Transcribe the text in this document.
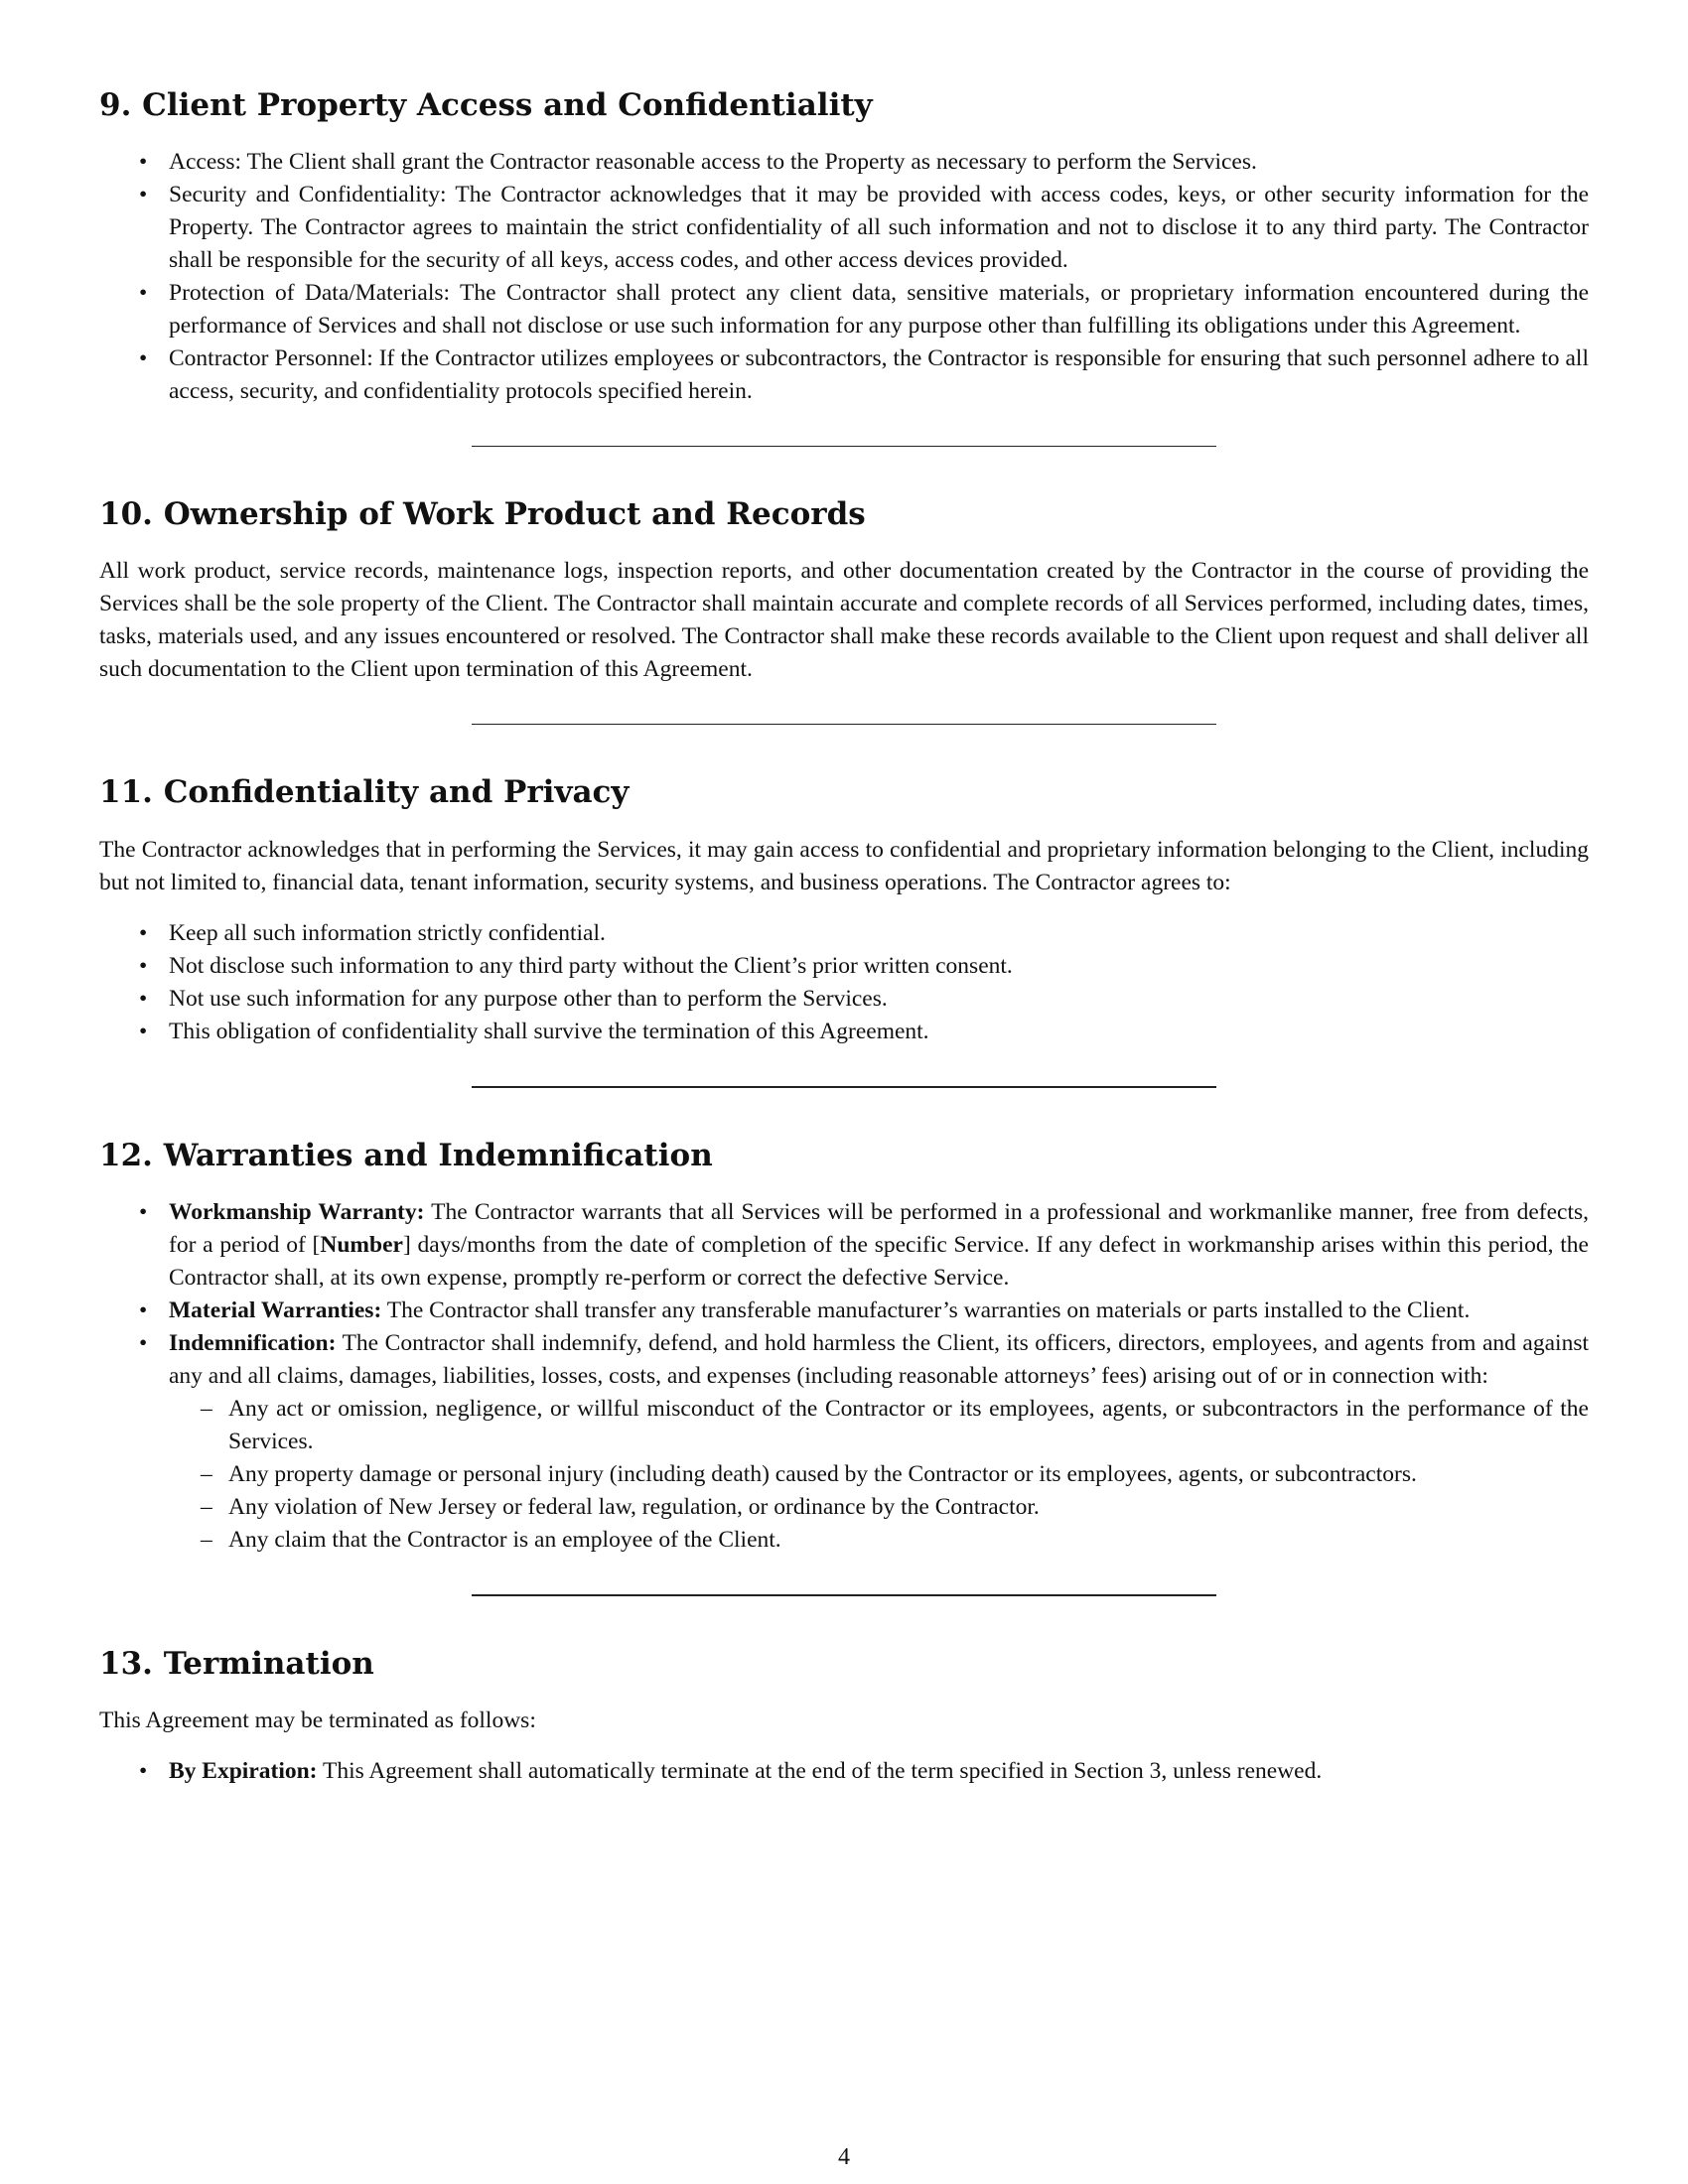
9. Client Property Access and Confidentiality
• Access: The Client shall grant the Contractor reasonable access to the Property as necessary to perform the Services.
• Security and Confidentiality: The Contractor acknowledges that it may be provided with access codes, keys, or other security information for the Property. The Contractor agrees to maintain the strict confidentiality of all such information and not to disclose it to any third party. The Contractor shall be responsible for the security of all keys, access codes, and other access devices provided.
• Protection of Data/Materials: The Contractor shall protect any client data, sensitive materials, or proprietary information encountered during the performance of Services and shall not disclose or use such information for any purpose other than fulfilling its obligations under this Agreement.
• Contractor Personnel: If the Contractor utilizes employees or subcontractors, the Contractor is responsible for ensuring that such personnel adhere to all access, security, and confidentiality protocols specified herein.
10. Ownership of Work Product and Records

All work product, service records, maintenance logs, inspection reports, and other documentation created by the Contractor in the course of providing the Services shall be the sole property of the Client. The Contractor shall maintain accurate and complete records of all Services performed, including dates, times, tasks, materials used, and any issues encountered or resolved. The Contractor shall make these records available to the Client upon request and shall deliver all such documentation to the Client upon termination of this Agreement.

11. Confidentiality and Privacy

The Contractor acknowledges that in performing the Services, it may gain access to confidential and proprietary information belonging to the Client, including but not limited to, financial data, tenant information, security systems, and business operations. The Contractor agrees to:

• Keep all such information strictly confidential.
• Not disclose such information to any third party without the Client’s prior written consent.
• Not use such information for any purpose other than to perform the Services.
• This obligation of confidentiality shall survive the termination of this Agreement.
12. Warranties and Indemnification
• Workmanship Warranty: The Contractor warrants that all Services will be performed in a professional and workmanlike manner, free from defects, for a period of [Number] days/months from the date of completion of the specific Service. If any defect in workmanship arises within this period, the Contractor shall, at its own expense, promptly re-perform or correct the defective Service.
• Material Warranties: The Contractor shall transfer any transferable manufacturer’s warranties on materials or parts installed to the Client.
• Indemnification: The Contractor shall indemnify, defend, and hold harmless the Client, its officers, directors, employees, and agents from and against any and all claims, damages, liabilities, losses, costs, and expenses (including reasonable attorneys’ fees) arising out of or in connection with:
– Any act or omission, negligence, or willful misconduct of the Contractor or its employees, agents, or subcontractors in the performance of the Services.
– Any property damage or personal injury (including death) caused by the Contractor or its employees, agents, or subcontractors.
– Any violation of New Jersey or federal law, regulation, or ordinance by the Contractor.
– Any claim that the Contractor is an employee of the Client.
13. Termination

This Agreement may be terminated as follows:

• By Expiration: This Agreement shall automatically terminate at the end of the term specified in Section 3, unless renewed.
4
